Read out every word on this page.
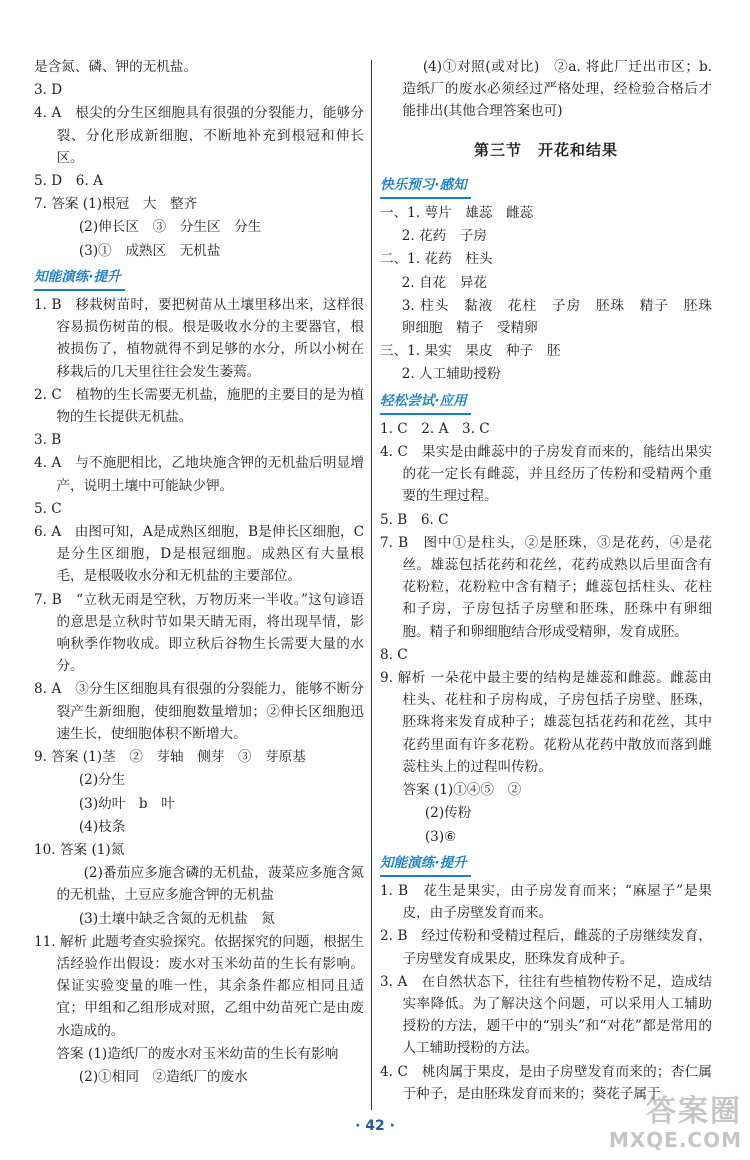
是含氮、磷、钾的无机盐。

3. D

4. A　根尖的分生区细胞具有很强的分裂能力，能够分裂、分化形成新细胞，不断地补充到根冠和伸长区。

5. D　6. A

7. 答案 (1)根冠　大　整齐

(2)伸长区　③　分生区　分生

(3)①　成熟区　无机盐

知能演练·提升

1. B　移栽树苗时，要把树苗从土壤里移出来，这样很容易损伤树苗的根。根是吸收水分的主要器官，根被损伤了，植物就得不到足够的水分，所以小树在移栽后的几天里往往会发生萎蔫。

2. C　植物的生长需要无机盐，施肥的主要目的是为植物的生长提供无机盐。

3. B

4. A　与不施肥相比，乙地块施含钾的无机盐后明显增产，说明土壤中可能缺少钾。

5. C

6. A　由图可知，A是成熟区细胞，B是伸长区细胞，C是分生区细胞，D是根冠细胞。成熟区有大量根毛，是根吸收水分和无机盐的主要部位。

7. B　“立秋无雨是空秋，万物历来一半收。”这句谚语的意思是立秋时节如果天睛无雨，将出现旱情，影响秋季作物收成。即立秋后谷物生长需要大量的水分。

8. A　③分生区细胞具有很强的分裂能力，能够不断分裂产生新细胞，使细胞数量增加；②伸长区细胞迅速生长，使细胞体积不断增大。

9. 答案 (1)茎　②　芽轴　侧芽　③　芽原基

(2)分生

(3)幼叶　b　叶

(4)枝条

10. 答案 (1)氮

(2)番茄应多施含磷的无机盐，菠菜应多施含氮的无机盐，土豆应多施含钾的无机盐

(3)土壤中缺乏含氮的无机盐　氮

11. 解析 此题考查实验探究。依据探究的问题，根据生活经验作出假设：废水对玉米幼苗的生长有影响。保证实验变量的唯一性，其余条件都应相同且适宜；甲组和乙组形成对照，乙组中幼苗死亡是由废水造成的。

答案 (1)造纸厂的废水对玉米幼苗的生长有影响

(2)①相同　②造纸厂的废水

(4)①对照(或对比)　②a. 将此厂迁出市区；b. 造纸厂的废水必须经过严格处理，经检验合格后才能排出(其他合理答案也可)

第三节　开花和结果
快乐预习·感知

一、1. 萼片　雄蕊　雌蕊

2. 花药　子房

二、1. 花药　柱头

2. 自花　异花

3. 柱头　黏液　花柱　子房　胚珠　精子　胚珠　卵细胞　精子　受精卵

三、1. 果实　果皮　种子　胚

2. 人工辅助授粉

轻松尝试·应用

1. C　2. A　3. C

4. C　果实是由雌蕊中的子房发育而来的，能结出果实的花一定长有雌蕊，并且经历了传粉和受精两个重要的生理过程。

5. B　6. C

7. B　图中①是柱头，②是胚珠，③是花药，④是花丝。雄蕊包括花药和花丝，花药成熟以后里面含有花粉粒，花粉粒中含有精子；雌蕊包括柱头、花柱和子房，子房包括子房壁和胚珠，胚珠中有卵细胞。精子和卵细胞结合形成受精卵，发育成胚。

8. C

9. 解析 一朵花中最主要的结构是雄蕊和雌蕊。雌蕊由柱头、花柱和子房构成，子房包括子房壁、胚珠，胚珠将来发育成种子；雄蕊包括花药和花丝，其中花药里面有许多花粉。花粉从花药中散放而落到雌蕊柱头上的过程叫传粉。

答案 (1)①④⑤　②

(2)传粉

(3)⑥

知能演练·提升

1. B　花生是果实，由子房发育而来；“麻屋子”是果皮，由子房壁发育而来。

2. B　经过传粉和受精过程后，雌蕊的子房继续发育，子房壁发育成果皮，胚珠发育成种子。

3. A　在自然状态下，往往有些植物传粉不足，造成结实率降低。为了解决这个问题，可以采用人工辅助授粉的方法，题干中的“别头”和“对花”都是常用的人工辅助授粉的方法。

4. C　桃肉属于果皮，是由子房壁发育而来的；杏仁属于种子，是由胚珠发育而来的；葵花子属于

· 42 ·	答案圈
MXQE.COM
